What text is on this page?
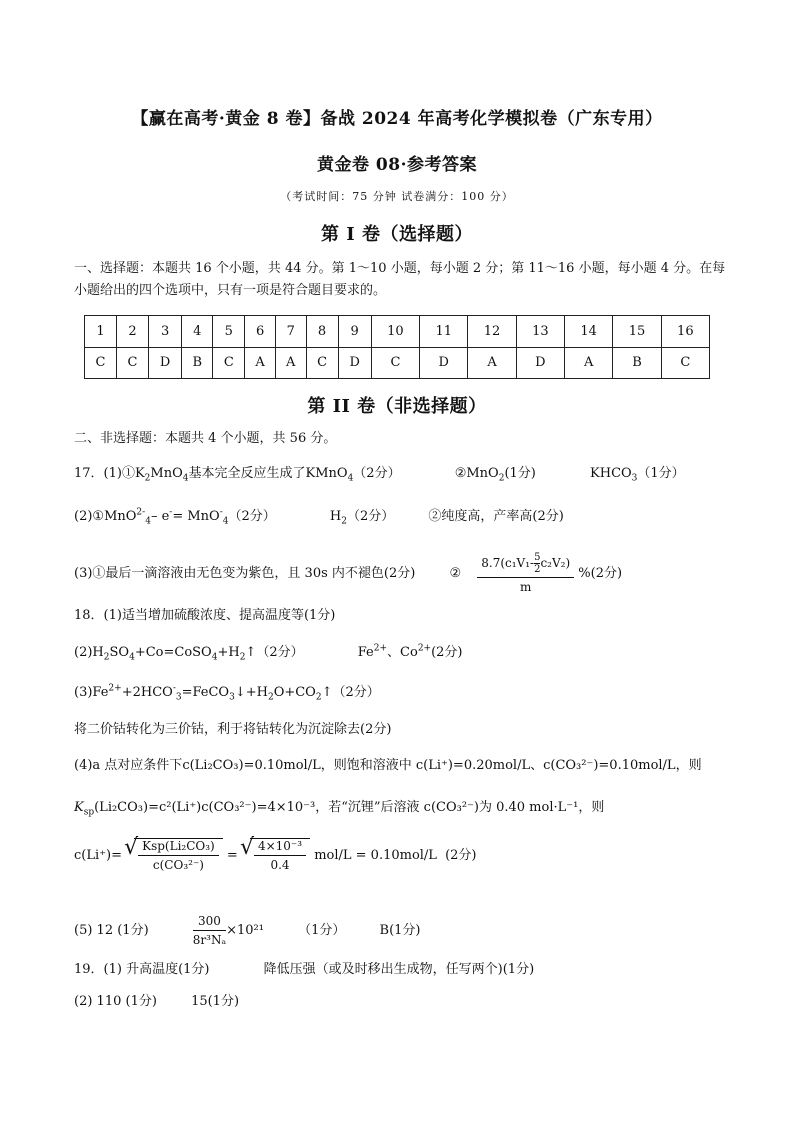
【赢在高考·黄金 8 卷】备战 2024 年高考化学模拟卷（广东专用）
黄金卷 08·参考答案
（考试时间：75 分钟 试卷满分：100 分）
第 I 卷（选择题）
一、选择题：本题共 16 个小题，共 44 分。第 1～10 小题，每小题 2 分；第 11～16 小题，每小题 4 分。在每小题给出的四个选项中，只有一项是符合题目要求的。
1	2	3	4	5	6	7	8	9	10	11	12	13	14	15	16
C	C	D	B	C	A	A	C	D	C	D	A	D	A	B	C
第 II 卷（非选择题）
二、非选择题：本题共 4 个小题，共 56 分。
17．$(1)①K_2MnO_4$基本完全反应生成了KMnO$_4$（2分）	②MnO$_2$(1分)	$KHCO_3(1$分）
(2)①MnO$^{2-}_4$– e-= MnO-$_4$（2分）	$H_2(2$分）	②纯度高，产率高(2分)
(3)①最后一滴溶液由无色变为紫色，且 30s 内不褪色(2分)	② $\frac{8.7(c_1V_1- \frac{5}{2} c_2V_2)}{m} \%(2$分)
18．(1)适当增加硫酸浓度、提高温度等(1分)
$(2)H_2SO_4+Co=CoSO_4+H_2↑(2$分）	$Fe^{2+}$、$Co^{2+}(2$分)
$(3)Fe^{2+}+2HCO^-_3=FeCO_3↓+H_2O+CO_2↑(2$分）
将二价钴转化为三价钴，利于将钴转化为沉淀除去(2分)
(4)a 点对应条件下c(Li₂CO₃)=0.10mol/L，则饱和溶液中 c(Li⁺)=0.20mol/L、c(CO₃²⁻)=0.10mol/L，则
$K_{sp}(Li_2CO_3)=c^2(Li^+)c(CO_3^{2-})=4\times 10^{-3}$，若“沉锂”后溶液 c(CO₃²⁻)为 0.40 mol·L⁻¹，则
c(Li⁺)= √ $\frac{\text{Ksp(Li₂CO₃)}}{\text{c(CO₃²⁻)}}$ = √ $\frac{\text{4×10⁻³}}{0.4} mol/L = 0.10mol/L$ (2分)
(5) 12 (1分)	$\frac{300}{\text{8r³Nₐ}} \times 10^{21}$	（1分）	B(1分)
19．(1) 升高温度(1分)	降低压强（或及时移出生成物，任写两个)(1分)
(2) 110 (1分)	15(1分)
